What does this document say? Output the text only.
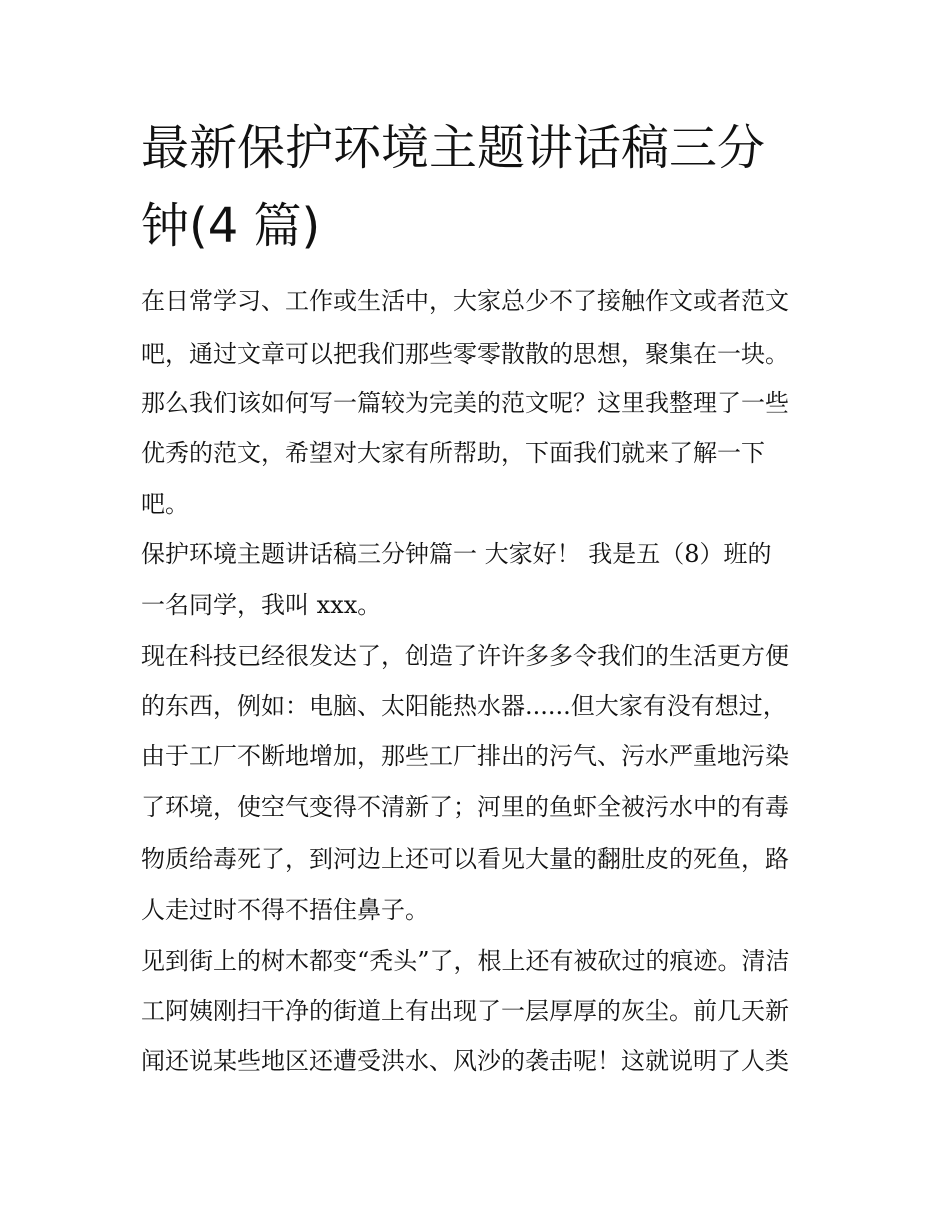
最新保护环境主题讲话稿三分
钟(4 篇)
在日常学习、工作或生活中，大家总少不了接触作文或者范文
吧，通过文章可以把我们那些零零散散的思想，聚集在一块。
那么我们该如何写一篇较为完美的范文呢？这里我整理了一些
优秀的范文，希望对大家有所帮助，下面我们就来了解一下
吧。
保护环境主题讲话稿三分钟篇一 大家好！ 我是五（8）班的
一名同学，我叫 xxx。
现在科技已经很发达了，创造了许许多多令我们的生活更方便
的东西，例如：电脑、太阳能热水器......但大家有没有想过，
由于工厂不断地增加，那些工厂排出的污气、污水严重地污染
了环境，使空气变得不清新了；河里的鱼虾全被污水中的有毒
物质给毒死了，到河边上还可以看见大量的翻肚皮的死鱼，路
人走过时不得不捂住鼻子。
见到街上的树木都变“秃头”了，根上还有被砍过的痕迹。清洁
工阿姨刚扫干净的街道上有出现了一层厚厚的灰尘。前几天新
闻还说某些地区还遭受洪水、风沙的袭击呢！这就说明了人类
